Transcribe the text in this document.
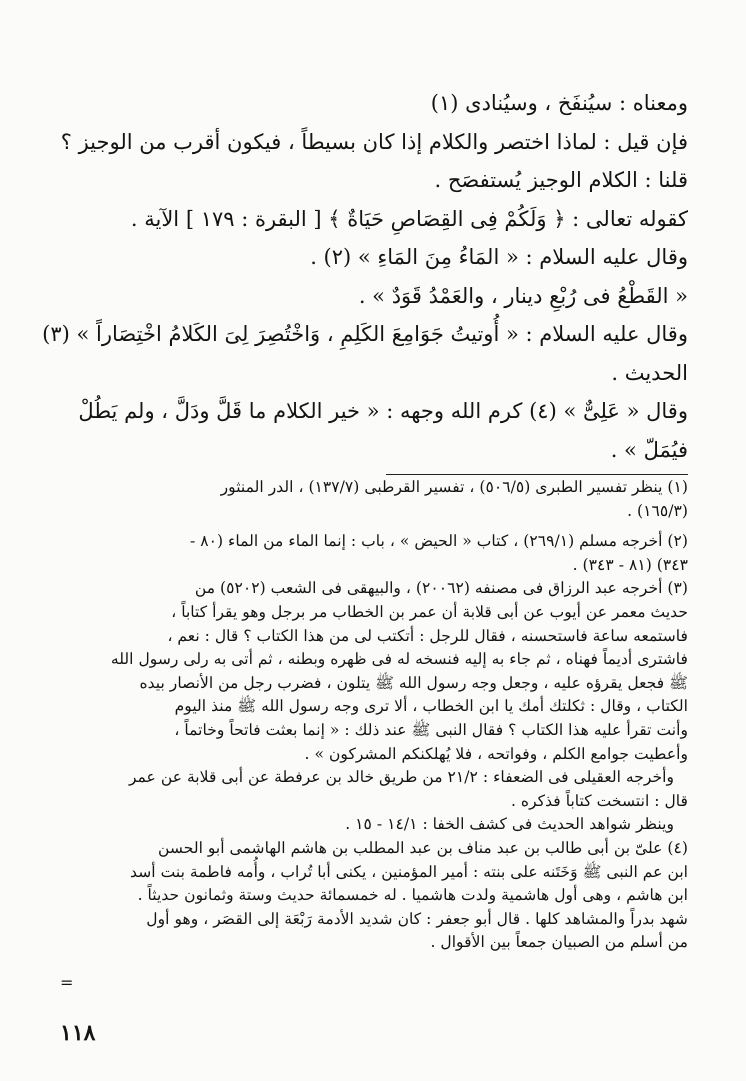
ومعناه : سيُنفَخ ، وسيُنادى (١)

فإن قيل : لماذا اختصر والكلام إذا كان بسيطاً ، فيكون أقرب من الوجيز ؟

قلنا : الكلام الوجيز يُستفصَح .

كقوله تعالى : ﴿ وَلَكُمْ فِى القِصَاصِ حَيَاةٌ ﴾ [ البقرة : ١٧٩ ] الآية .

وقال عليه السلام : « المَاءُ مِنَ المَاءِ » (٢) .

« القَطْعُ فى رُبْعِ دينار ، والعَمْدُ قَوَدٌ » .

وقال عليه السلام : « أُوتيتُ جَوَامِعَ الكَلِمِ ، وَاخْتُصِرَ لِىَ الكَلامُ اخْتِصَاراً » (٣)

الحديث .

وقال « عَلِىٌّ » (٤) كرم الله وجهه : « خير الكلام ما قَلَّ ودَلَّ ، ولم يَطُلْ

فيُمَلّ » .

(١) ينظر تفسير الطبرى (٥٠٦/٥) ، تفسير القرطبى (١٣٧/٧) ، الدر المنثور

(١٦٥/٣) .

(٢) أخرجه مسلم (٢٦٩/١) ، كتاب « الحيض » ، باب : إنما الماء من الماء (٨٠ -

٣٤٣) (٨١ - ٣٤٣) .

(٣) أخرجه عبد الرزاق فى مصنفه (٢٠٠٦٢) ، والبيهقى فى الشعب (٥٢٠٢) من

حديث معمر عن أيوب عن أبى قلابة أن عمر بن الخطاب مر برجل وهو يقرأ كتاباً ،

فاستمعه ساعة فاستحسنه ، فقال للرجل : أتكتب لى من هذا الكتاب ؟ قال : نعم ،

فاشترى أديماً فهناه ، ثم جاء به إليه فنسخه له فى ظهره وبطنه ، ثم أتى به رلى رسول الله

ﷺ فجعل يقرؤه عليه ، وجعل وجه رسول الله ﷺ يتلون ، فضرب رجل من الأنصار بيده

الكتاب ، وقال : ثكلتك أمك يا ابن الخطاب ، ألا ترى وجه رسول الله ﷺ منذ اليوم

وأنت تقرأ عليه هذا الكتاب ؟ فقال النبى ﷺ عند ذلك : « إنما بعثت فاتحاً وخاتماً ،

وأعطيت جوامع الكلم ، وفواتحه ، فلا يُهلكنكم المشركون » .

وأخرجه العقيلى فى الضعفاء : ٢١/٢ من طريق خالد بن عرفطة عن أبى قلابة عن عمر

قال : انتسخت كتاباً فذكره .

وينظر شواهد الحديث فى كشف الخفا : ١٤/١ - ١٥ .

(٤) علىّ بن أبى طالب بن عبد مناف بن عبد المطلب بن هاشم الهاشمى أبو الحسن

ابن عم النبى ﷺ وَخَتَنه على بنته : أمير المؤمنين ، يكنى أبا تُراب ، وأُمه فاطمة بنت أسد

ابن هاشم ، وهى أول هاشمية ولدت هاشميا . له خمسمائة حديث وستة وثمانون حديثاً .

شهد بدراً والمشاهد كلها . قال أبو جعفر : كان شديد الأدمة رَبْعَة إلى القصَر ، وهو أول

من أسلم من الصبيان جمعاً بين الأقوال .

=
١١٨
